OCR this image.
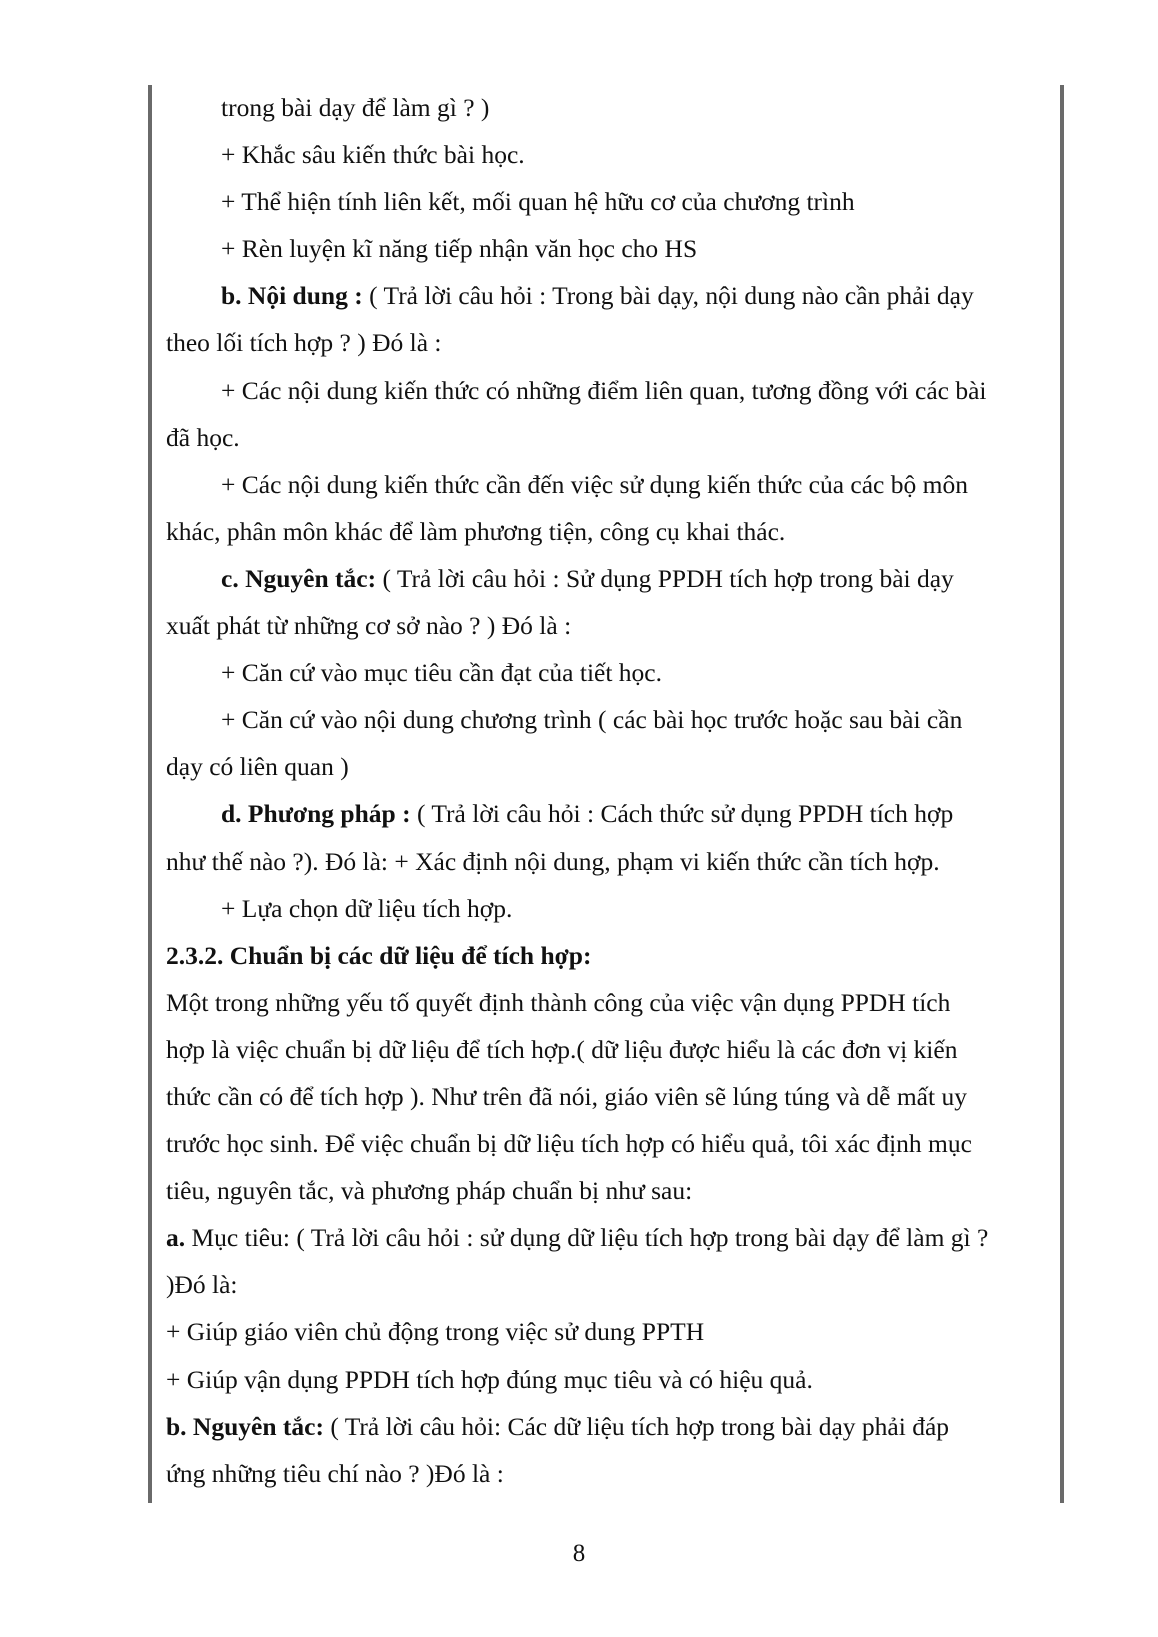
trong bài dạy để làm gì ? )
+ Khắc sâu kiến thức bài học.
+ Thể hiện tính liên kết, mối quan hệ hữu cơ của chương trình
+ Rèn luyện kĩ năng tiếp nhận văn học cho HS
b. Nội dung : ( Trả lời câu hỏi : Trong bài dạy, nội dung nào cần phải dạy
theo lối tích hợp ? ) Đó là :
+ Các nội dung kiến thức có những điểm liên quan, tương đồng với các bài
đã học.
+ Các nội dung kiến thức cần đến việc sử dụng kiến thức của các bộ môn
khác, phân môn khác để làm phương tiện, công cụ khai thác.
c. Nguyên tắc: ( Trả lời câu hỏi : Sử dụng PPDH tích hợp trong bài dạy
xuất phát từ những cơ sở nào ? ) Đó là :
+ Căn cứ vào mục tiêu cần đạt của tiết học.
+ Căn cứ vào nội dung chương trình ( các bài học trước hoặc sau bài cần
dạy có liên quan )
d. Phương pháp : ( Trả lời câu hỏi : Cách thức sử dụng PPDH tích hợp
như thế nào ?). Đó là: + Xác định nội dung, phạm vi kiến thức cần tích hợp.
+ Lựa chọn dữ liệu tích hợp.
2.3.2. Chuẩn bị các dữ liệu để tích hợp:
Một trong những yếu tố quyết định thành công của việc vận dụng PPDH tích
hợp là việc chuẩn bị dữ liệu để tích hợp.( dữ liệu được hiểu là các đơn vị kiến
thức cần có để tích hợp ). Như trên đã nói, giáo viên sẽ lúng túng và dễ mất uy
trước học sinh. Để việc chuẩn bị dữ liệu tích hợp có hiểu quả, tôi xác định mục
tiêu, nguyên tắc, và phương pháp chuẩn bị như sau:
a. Mục tiêu: ( Trả lời câu hỏi : sử dụng dữ liệu tích hợp trong bài dạy để làm gì ?
)Đó là:
+ Giúp giáo viên chủ động trong việc sử dung PPTH
+ Giúp vận dụng PPDH tích hợp đúng mục tiêu và có hiệu quả.
b. Nguyên tắc: ( Trả lời câu hỏi: Các dữ liệu tích hợp trong bài dạy phải đáp
ứng những tiêu chí nào ? )Đó là :
8
